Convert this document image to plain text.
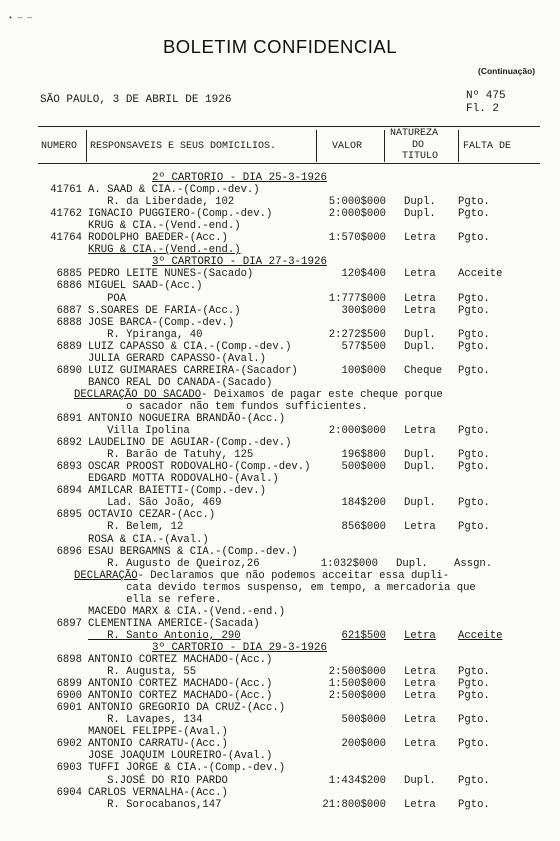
• — —
BOLETIM CONFIDENCIAL
(Continuação)
SÃO PAULO, 3 DE ABRIL DE 1926	Nº 475
Fl. 2
NUMERO RESPONSAVEIS E SEUS DOMICILIOS.	VALOR
NATUREZA
DO
TITULO
FALTA DE
2º CARTORIO - DIA 25-3-1926
41761 A. SAAD & CIA.-(Comp.-dev.)
R. da Liberdade, 102	5:000$000 Dupl. Pgto.
41762 IGNACIO PUGGIERO-(Comp.-dev.)	2:000$000 Dupl. Pgto.
KRUG & CIA.-(Vend.-end.)
41764 RODOLPHO BAEDER-(Acc.)	1:570$000 Letra Pgto.
KRUG & CIA.-(Vend.-end.)
3º CARTORIO - DIA 27-3-1926
6885 PEDRO LEITE NUNES-(Sacado)	120$400 Letra Acceite
6886 MIGUEL SAAD-(Acc.)
POA	1:777$000 Letra Pgto.
6887 S.SOARES DE FARIA-(Acc.)	300$000 Letra Pgto.
6888 JOSE BARCA-(Comp.-dev.)
R. Ypiranga, 40	2:272$500 Dupl. Pgto.
6889 LUIZ CAPASSO & CIA.-(Comp.-dev.)	577$500 Dupl. Pgto.
JULIA GERARD CAPASSO-(Aval.)
6890 LUIZ GUIMARAES CARREIRA-(Sacador)	100$000 Cheque Pgto.
BANCO REAL DO CANADA-(Sacado)
DECLARAÇÃO DO SACADO- Deixamos de pagar este cheque porque
o sacador não tem fundos sufficientes.
6891 ANTONIO NOGUEIRA BRANDÃO-(Acc.)
Villa Ipolina	2:000$000 Letra Pgto.
6892 LAUDELINO DE AGUIAR-(Comp.-dev.)
R. Barão de Tatuhy, 125	196$800 Dupl. Pgto.
6893 OSCAR PROOST RODOVALHO-(Comp.-dev.)	500$000 Dupl. Pgto.
EDGARD MOTTA RODOVALHO-(Aval.)
6894 AMILCAR BAIETTI-(Comp.-dev.)
Lad. São João, 469	184$200 Dupl. Pgto.
6895 OCTAVIO CEZAR-(Acc.)
R. Belem, 12	856$000 Letra Pgto.
ROSA & CIA.-(Aval.)
6896 ESAU BERGAMNS & CIA.-(Comp.-dev.)
R. Augusto de Queiroz,26	1:032$000 Dupl. Assgn.
DECLARAÇÃO- Declaramos que não podemos acceitar essa dupli-
cata devido termos suspenso, em tempo, a mercadoria que
ella se refere.
MACEDO MARX & CIA.-(Vend.-end.)
6897 CLEMENTINA AMERICE-(Sacada)
R. Santo Antonio, 290	621$500 Letra Acceite
3º CARTORIO - DIA 29-3-1926
6898 ANTONIO CORTEZ MACHADO-(Acc.)
R. Augusta, 55	2:500$000 Letra Pgto.
6899 ANTONIO CORTEZ MACHADO-(Acc.)	1:500$000 Letra Pgto.
6900 ANTONIO CORTEZ MACHADO-(Acc.)	2:500$000 Letra Pgto.
6901 ANTONIO GREGORIO DA CRUZ-(Acc.)
R. Lavapes, 134	500$000 Letra Pgto.
MANOEL FELIPPE-(Aval.)
6902 ANTONIO CARRATU-(Acc.)	200$000 Letra Pgto.
JOSE JOAQUIM LOUREIRO-(Aval.)
6903 TUFFI JORGE & CIA.-(Comp.-dev.)
S.JOSÉ DO RIO PARDO	1:434$200 Dupl. Pgto.
6904 CARLOS VERNALHA-(Acc.)
R. Sorocabanos,147	21:800$000 Letra Pgto.
